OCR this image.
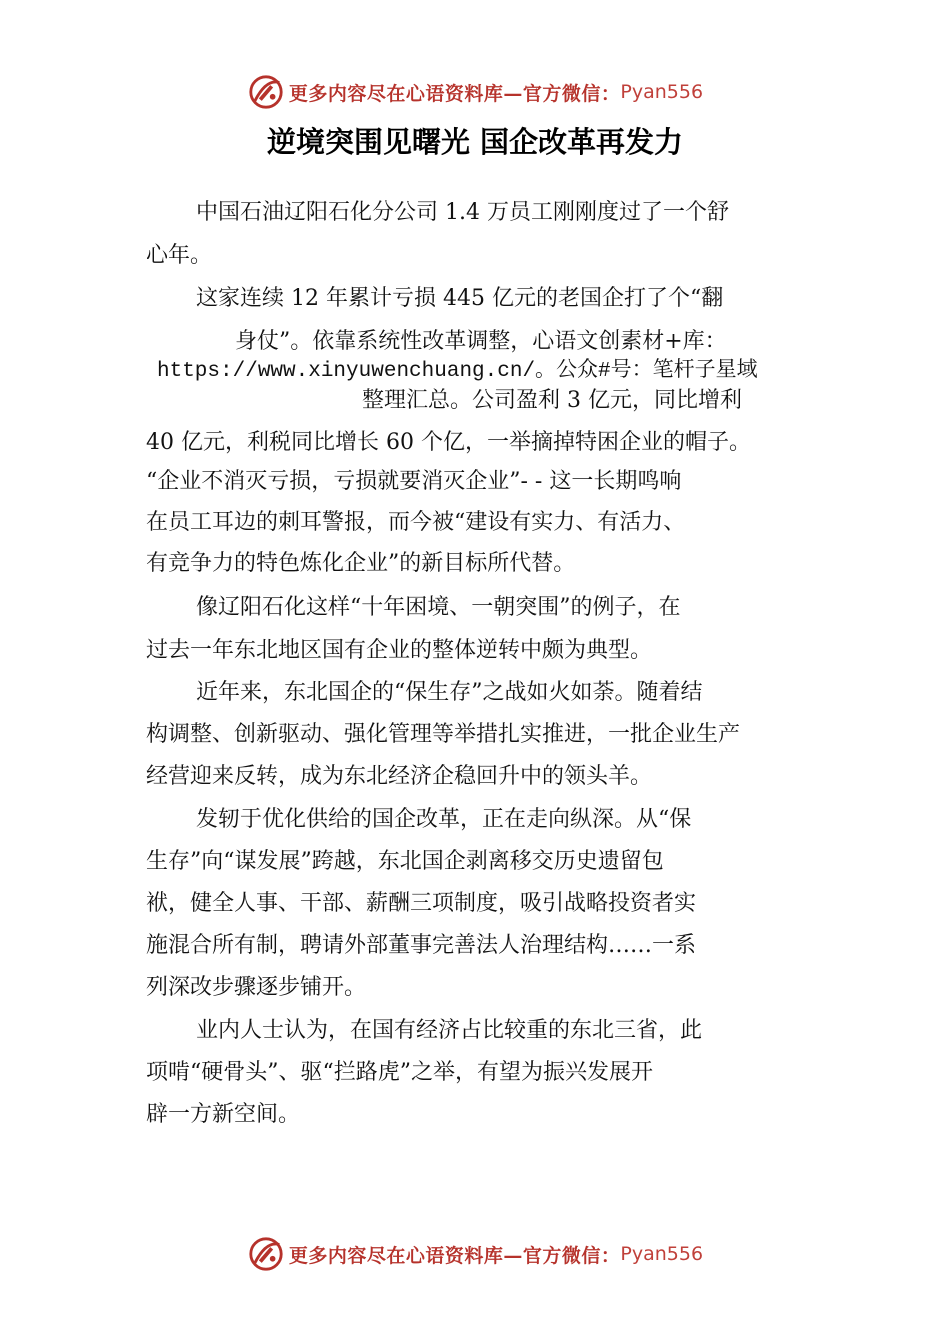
更多内容尽在心语资料库—官方微信： Pyan556
逆境突围见曙光 国企改革再发力
中国石油辽阳石化分公司 1.4 万员工刚刚度过了一个舒
心年。
这家连续 12 年累计亏损 445 亿元的老国企打了个“翻
身仗”。依靠系统性改革调整，心语文创素材+库：
https://www.xinyuwenchuang.cn/。公众#号：笔杆子星域
整理汇总。公司盈利 3 亿元，同比增利
40 亿元，利税同比增长 60 个亿，一举摘掉特困企业的帽子。
“企业不消灭亏损，亏损就要消灭企业”- - 这一长期鸣响
在员工耳边的刺耳警报，而今被“建设有实力、有活力、
有竞争力的特色炼化企业”的新目标所代替。
像辽阳石化这样“十年困境、一朝突围”的例子，在
过去一年东北地区国有企业的整体逆转中颇为典型。
近年来，东北国企的“保生存”之战如火如荼。随着结
构调整、创新驱动、强化管理等举措扎实推进，一批企业生产
经营迎来反转，成为东北经济企稳回升中的领头羊。
发轫于优化供给的国企改革，正在走向纵深。从“保
生存”向“谋发展”跨越，东北国企剥离移交历史遗留包
袱，健全人事、干部、薪酬三项制度，吸引战略投资者实
施混合所有制，聘请外部董事完善法人治理结构……一系
列深改步骤逐步铺开。
业内人士认为，在国有经济占比较重的东北三省，此
项啃“硬骨头”、驱“拦路虎”之举，有望为振兴发展开
辟一方新空间。
更多内容尽在心语资料库—官方微信： Pyan556
